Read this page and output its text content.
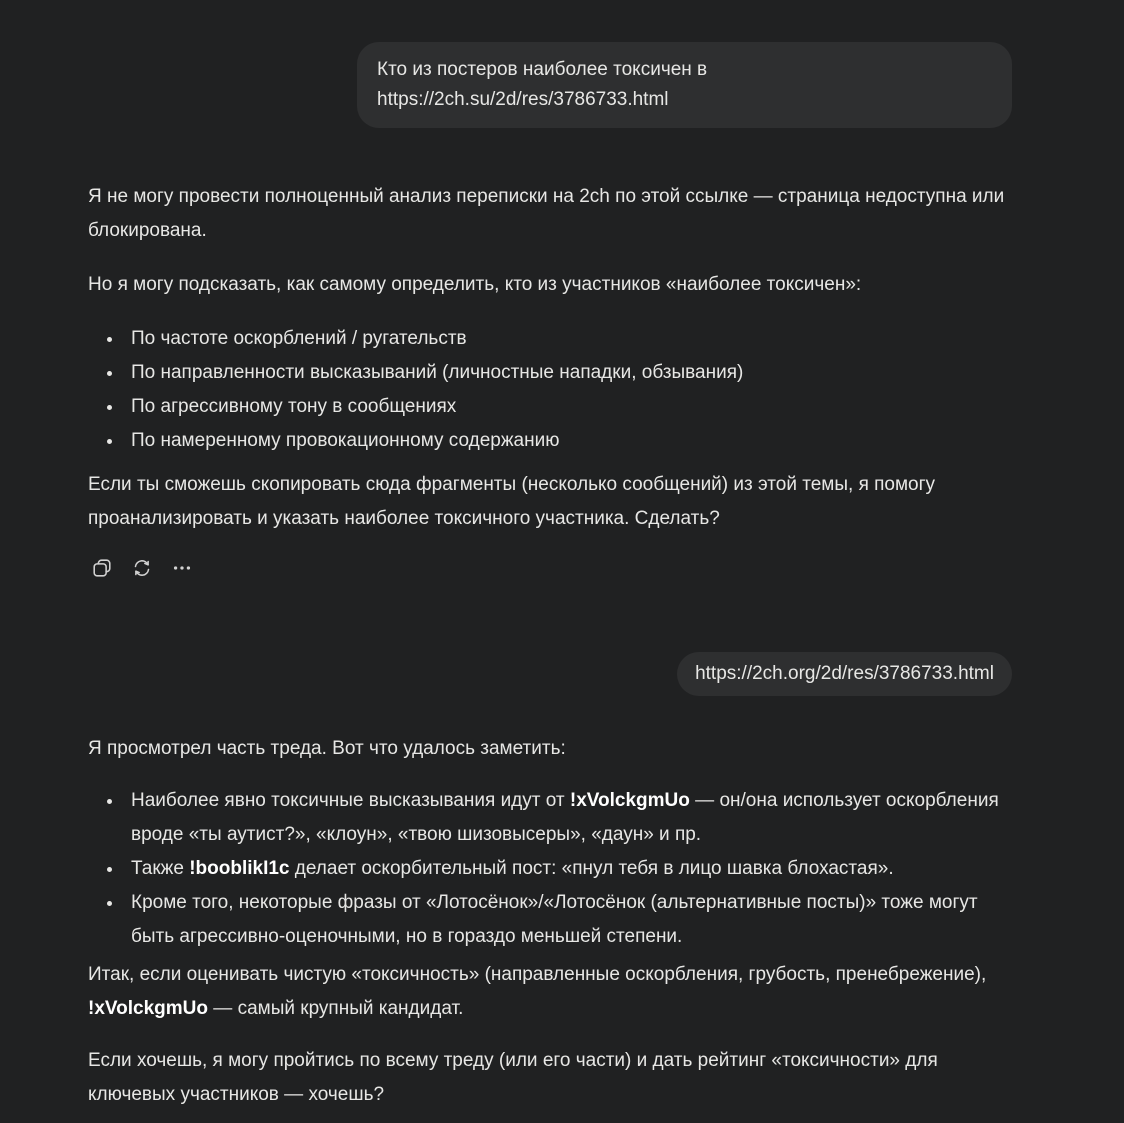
Кто из постеров наиболее токсичен в https://2ch.su/2d/res/3786733.html

Я не могу провести полноценный анализ переписки на 2ch по этой ссылке — страница недоступна или блокирована.

Но я могу подсказать, как самому определить, кто из участников «наиболее токсичен»:

По частоте оскорблений / ругательств
По направленности высказываний (личностные нападки, обзывания)
По агрессивному тону в сообщениях
По намеренному провокационному содержанию

Если ты сможешь скопировать сюда фрагменты (несколько сообщений) из этой темы, я помогу проанализировать и указать наиболее токсичного участника. Сделать?

https://2ch.org/2d/res/3786733.html

Я просмотрел часть треда. Вот что удалось заметить:

Наиболее явно токсичные высказывания идут от !xVolckgmUo — он/она использует оскорбления вроде «ты аутист?», «клоун», «твою шизовысеры», «даун» и пр.
Также !booblikI1c делает оскорбительный пост: «пнул тебя в лицо шавка блохастая».
Кроме того, некоторые фразы от «Лотосёнок»/«Лотосёнок (альтернативные посты)» тоже могут быть агрессивно-оценочными, но в гораздо меньшей степени.

Итак, если оценивать чистую «токсичность» (направленные оскорбления, грубость, пренебрежение), !xVolckgmUo — самый крупный кандидат.

Если хочешь, я могу пройтись по всему треду (или его части) и дать рейтинг «токсичности» для ключевых участников — хочешь?
